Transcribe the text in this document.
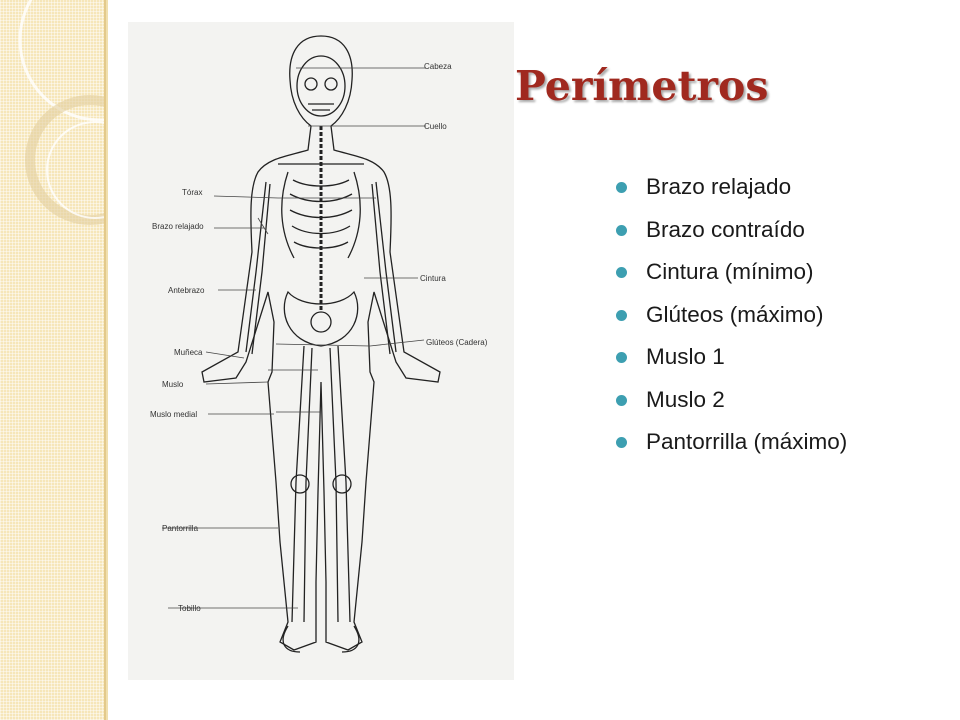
Cabeza
Cuello
Tórax
Brazo relajado
Cintura
Antebrazo
Glúteos (Cadera)
Muñeca
Muslo
Muslo medial
Pantorrilla
Tobillo
Perímetros
Brazo relajado
Brazo contraído
Cintura (mínimo)
Glúteos (máximo)
Muslo 1
Muslo 2
Pantorrilla (máximo)
